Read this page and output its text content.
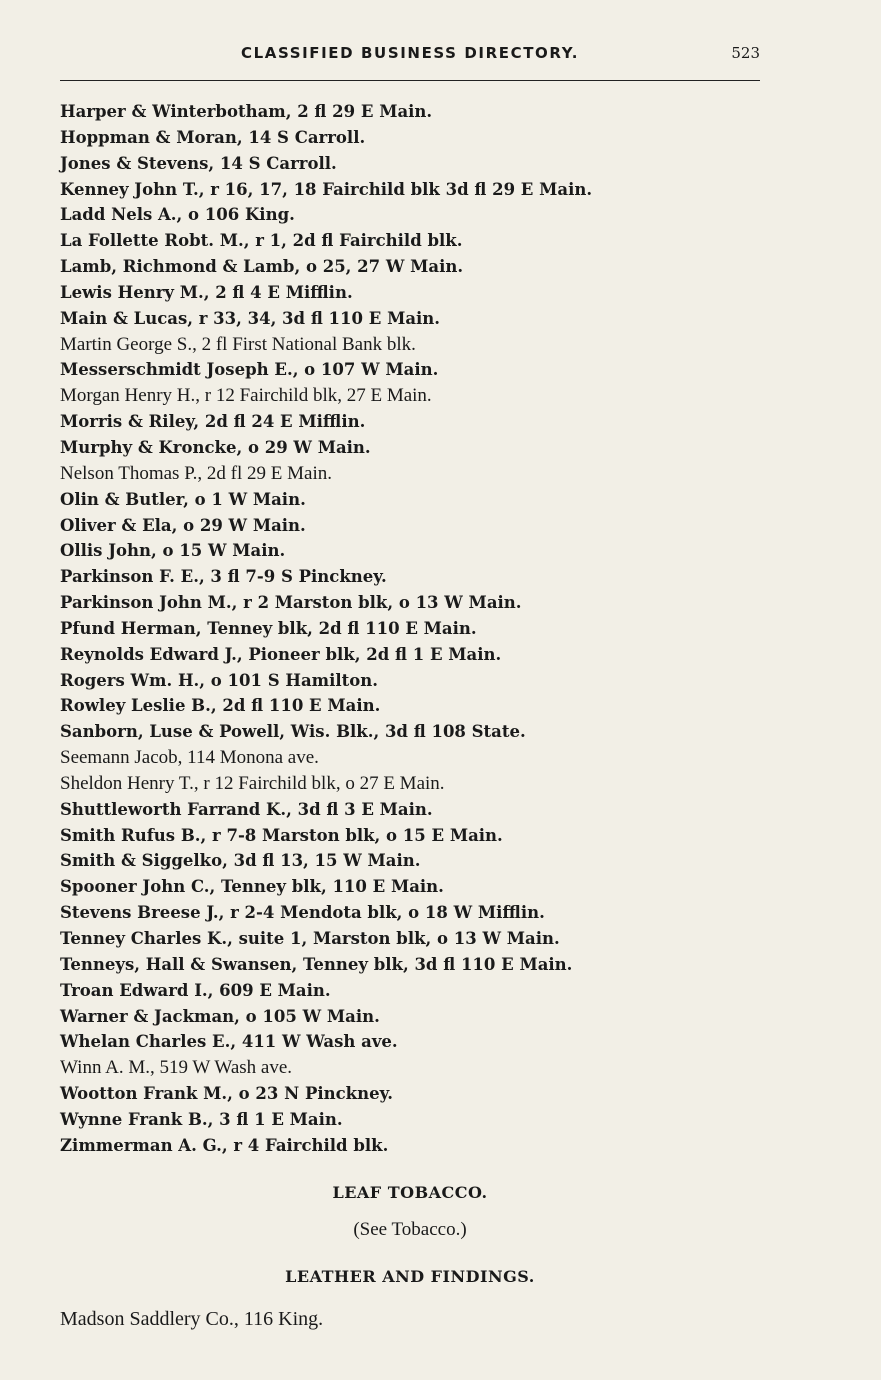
CLASSIFIED BUSINESS DIRECTORY.	523
Harper & Winterbotham, 2 fl 29 E Main.
Hoppman & Moran, 14 S Carroll.
Jones & Stevens, 14 S Carroll.
Kenney John T., r 16, 17, 18 Fairchild blk 3d fl 29 E Main.
Ladd Nels A., o 106 King.
La Follette Robt. M., r 1, 2d fl Fairchild blk.
Lamb, Richmond & Lamb, o 25, 27 W Main.
Lewis Henry M., 2 fl 4 E Mifflin.
Main & Lucas, r 33, 34, 3d fl 110 E Main.
Martin George S., 2 fl First National Bank blk.
Messerschmidt Joseph E., o 107 W Main.
Morgan Henry H., r 12 Fairchild blk, 27 E Main.
Morris & Riley, 2d fl 24 E Mifflin.
Murphy & Kroncke, o 29 W Main.
Nelson Thomas P., 2d fl 29 E Main.
Olin & Butler, o 1 W Main.
Oliver & Ela, o 29 W Main.
Ollis John, o 15 W Main.
Parkinson F. E., 3 fl 7-9 S Pinckney.
Parkinson John M., r 2 Marston blk, o 13 W Main.
Pfund Herman, Tenney blk, 2d fl 110 E Main.
Reynolds Edward J., Pioneer blk, 2d fl 1 E Main.
Rogers Wm. H., o 101 S Hamilton.
Rowley Leslie B., 2d fl 110 E Main.
Sanborn, Luse & Powell, Wis. Blk., 3d fl 108 State.
Seemann Jacob, 114 Monona ave.
Sheldon Henry T., r 12 Fairchild blk, o 27 E Main.
Shuttleworth Farrand K., 3d fl 3 E Main.
Smith Rufus B., r 7-8 Marston blk, o 15 E Main.
Smith & Siggelko, 3d fl 13, 15 W Main.
Spooner John C., Tenney blk, 110 E Main.
Stevens Breese J., r 2-4 Mendota blk, o 18 W Mifflin.
Tenney Charles K., suite 1, Marston blk, o 13 W Main.
Tenneys, Hall & Swansen, Tenney blk, 3d fl 110 E Main.
Troan Edward I., 609 E Main.
Warner & Jackman, o 105 W Main.
Whelan Charles E., 411 W Wash ave.
Winn A. M., 519 W Wash ave.
Wootton Frank M., o 23 N Pinckney.
Wynne Frank B., 3 fl 1 E Main.
Zimmerman A. G., r 4 Fairchild blk.
LEAF TOBACCO.
(See Tobacco.)
LEATHER AND FINDINGS.
Madson Saddlery Co., 116 King.
